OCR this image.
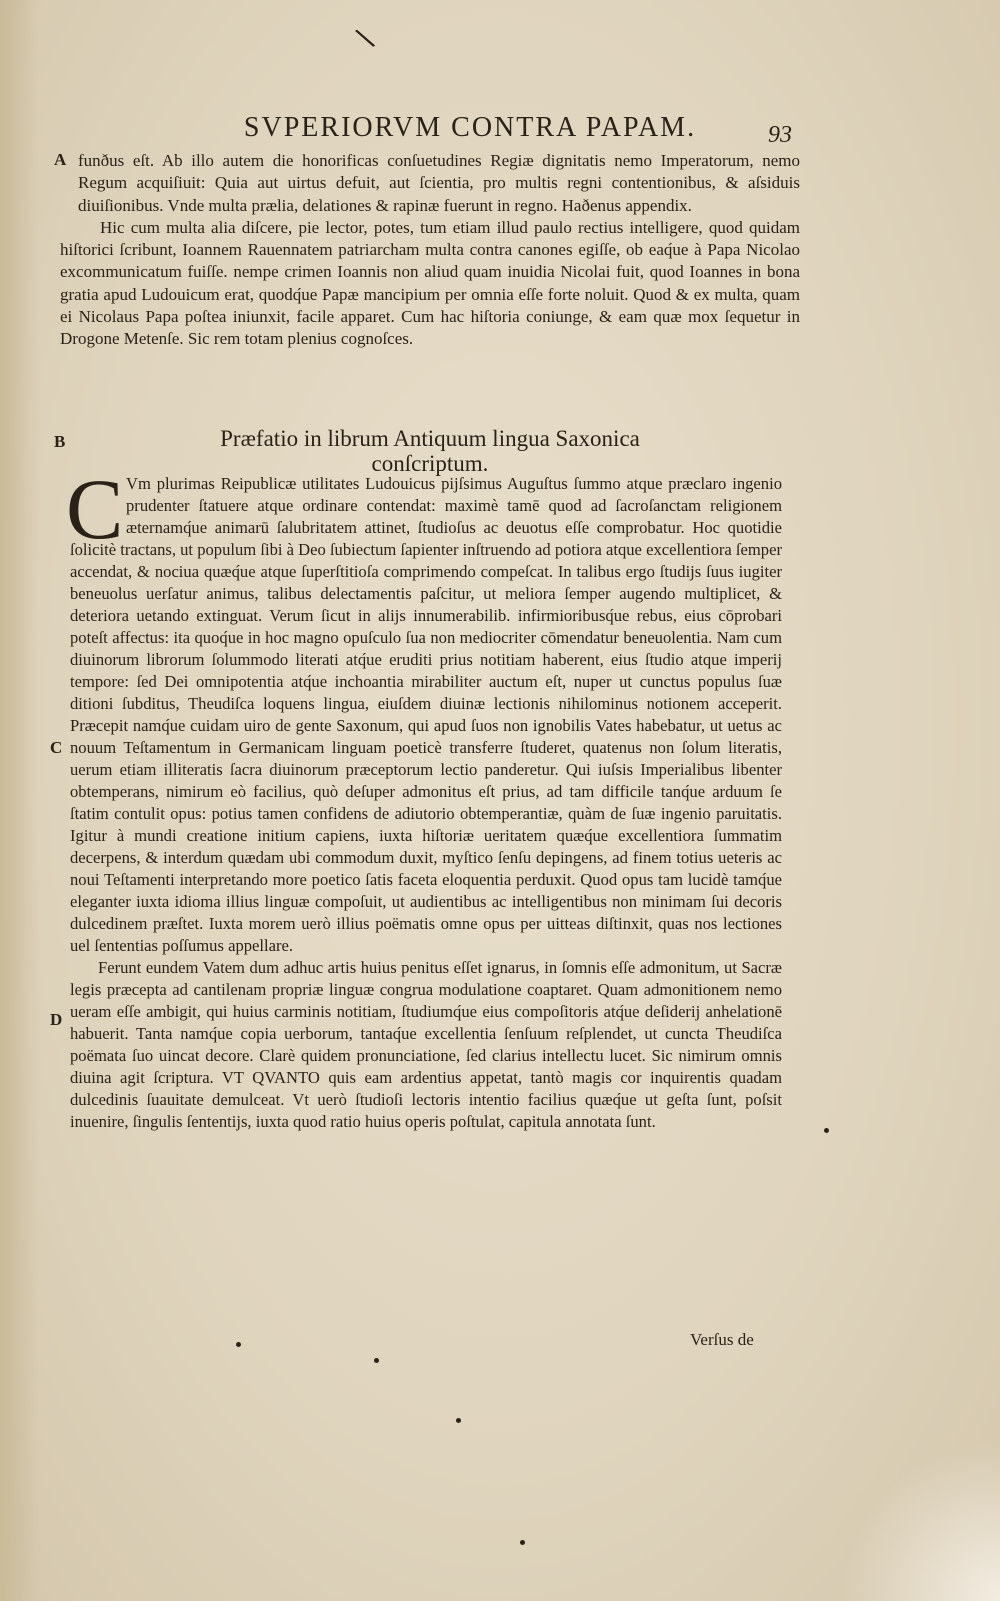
\
SVPERIORVM CONTRA PAPAM.	93
A
B
C
D

funðus eſt. Ab illo autem die honorificas conſuetudines Regiæ dignitatis nemo Imperatorum, nemo Regum acquiſiuit: Quia aut uirtus defuit, aut ſcientia, pro multis regni contentionibus, & aſsiduis diuiſionibus. Vnde multa prælia, delationes & rapinæ fuerunt in regno. Haðenus appendix.

Hic cum multa alia diſcere, pie lector, potes, tum etiam illud paulo rectius intelligere, quod quidam hiſtorici ſcribunt, Ioannem Rauennatem patriarcham multa contra canones egiſſe, ob eaq́ue à Papa Nicolao excommunicatum fuiſſe. nempe crimen Ioannis non aliud quam inuidia Nicolai fuit, quod Ioannes in bona gratia apud Ludouicum erat, quodq́ue Papæ mancipium per omnia eſſe forte noluit. Quod & ex multa, quam ei Nicolaus Papa poſtea iniunxit, facile apparet. Cum hac hiſtoria coniunge, & eam quæ mox ſequetur in Drogone Metenſe. Sic rem totam plenius cognoſces.

Præfatio in librum Antiquum lingua Saxonica conſcriptum.
C Vm plurimas Reipublicæ utilitates Ludouicus pijſsimus Auguſtus ſummo atque præclaro ingenio prudenter ſtatuere atque ordinare contendat: maximè tamē quod ad ſacroſanctam religionem æternamq́ue animarū ſalubritatem attinet, ſtudioſus ac deuotus eſſe comprobatur. Hoc quotidie ſolicitè tractans, ut populum ſibi à Deo ſubiectum ſapienter inſtruendo ad potiora atque excellentiora ſemper accendat, & nociua quæq́ue atque ſuperſtitioſa comprimendo compeſcat. In talibus ergo ſtudijs ſuus iugiter beneuolus uerſatur animus, talibus delectamentis paſcitur, ut meliora ſemper augendo multiplicet, & deteriora uetando extinguat. Verum ſicut in alijs innumerabilib. infirmioribusq́ue rebus, eius cōprobari poteſt affectus: ita quoq́ue in hoc magno opuſculo ſua non mediocriter cōmendatur beneuolentia. Nam cum diuinorum librorum ſolummodo literati atq́ue eruditi prius notitiam haberent, eius ſtudio atque imperij tempore: ſed Dei omnipotentia atq́ue inchoantia mirabiliter auctum eſt, nuper ut cunctus populus ſuæ ditioni ſubditus, Theudiſca loquens lingua, eiuſdem diuinæ lectionis nihilominus notionem acceperit. Præcepit namq́ue cuidam uiro de gente Saxonum, qui apud ſuos non ignobilis Vates habebatur, ut uetus ac nouum Teſtamentum in Germanicam linguam poeticè transferre ſtuderet, quatenus non ſolum literatis, uerum etiam illiteratis ſacra diuinorum præceptorum lectio panderetur. Qui iuſsis Imperialibus libenter obtemperans, nimirum eò facilius, quò deſuper admonitus eſt prius, ad tam difficile tanq́ue arduum ſe ſtatim contulit opus: potius tamen confidens de adiutorio obtemperantiæ, quàm de ſuæ ingenio paruitatis. Igitur à mundi creatione initium capiens, iuxta hiſtoriæ ueritatem quæq́ue excellentiora ſummatim decerpens, & interdum quædam ubi commodum duxit, myſtico ſenſu depingens, ad finem totius ueteris ac noui Teſtamenti interpretando more poetico ſatis faceta eloquentia perduxit. Quod opus tam lucidè tamq́ue eleganter iuxta idioma illius linguæ compoſuit, ut audientibus ac intelligentibus non minimam ſui decoris dulcedinem præſtet. Iuxta morem uerò illius poëmatis omne opus per uitteas diſtinxit, quas nos lectiones uel ſententias poſſumus appellare.

Ferunt eundem Vatem dum adhuc artis huius penitus eſſet ignarus, in ſomnis eſſe admonitum, ut Sacræ legis præcepta ad cantilenam propriæ linguæ congrua modulatione coaptaret. Quam admonitionem nemo ueram eſſe ambigit, qui huius carminis notitiam, ſtudiumq́ue eius compoſitoris atq́ue deſiderij anhelationē habuerit. Tanta namq́ue copia uerborum, tantaq́ue excellentia ſenſuum reſplendet, ut cuncta Theudiſca poëmata ſuo uincat decore. Clarè quidem pronunciatione, ſed clarius intellectu lucet. Sic nimirum omnis diuina agit ſcriptura. VT QVANTO quis eam ardentius appetat, tantò magis cor inquirentis quadam dulcedinis ſuauitate demulceat. Vt uerò ſtudioſi lectoris intentio facilius quæq́ue ut geſta ſunt, poſsit inuenire, ſingulis ſententijs, iuxta quod ratio huius operis poſtulat, capitula annotata ſunt.

Verſus de
